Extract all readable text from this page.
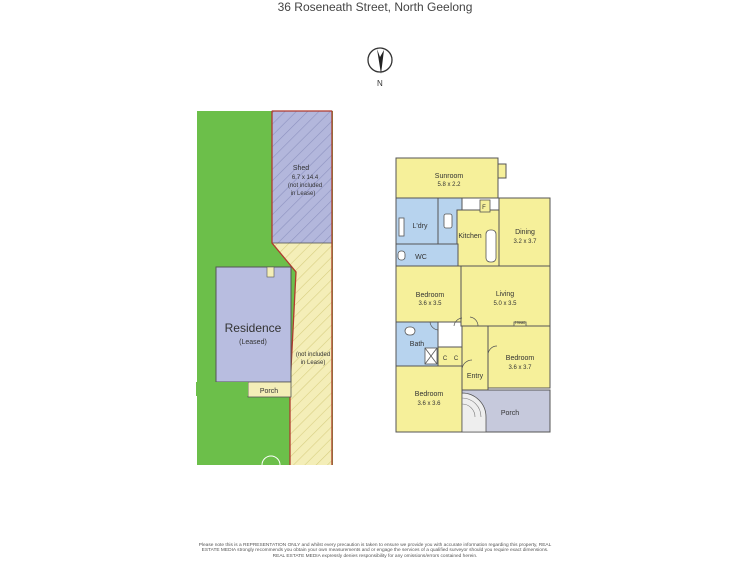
36 Roseneath Street, North Geelong
N
Shed
6.7 x 14.4
(not included
in Lease)
Residence
(Leased)
Porch
(not included
in Lease)
Sunroom
5.8 x 2.2
L'dry
Kitchen
F
Dining
3.2 x 3.7
WC
Bedroom
3.6 x 3.5
Living
5.0 x 3.5
Heat
Bath
C C	Bedroom
3.6 x 3.7
Entry
Bedroom
3.6 x 3.6
Porch
Please note this is a REPRESENTATION ONLY and whilst every precaution is taken to ensure we provide you with accurate information regarding this property, REAL ESTATE MEDIA strongly recommends you obtain your own measurements and or engage the services of a qualified surveyor should you require exact dimensions. REAL ESTATE MEDIA expressly denies responsibility for any omissions/errors contained herein.
